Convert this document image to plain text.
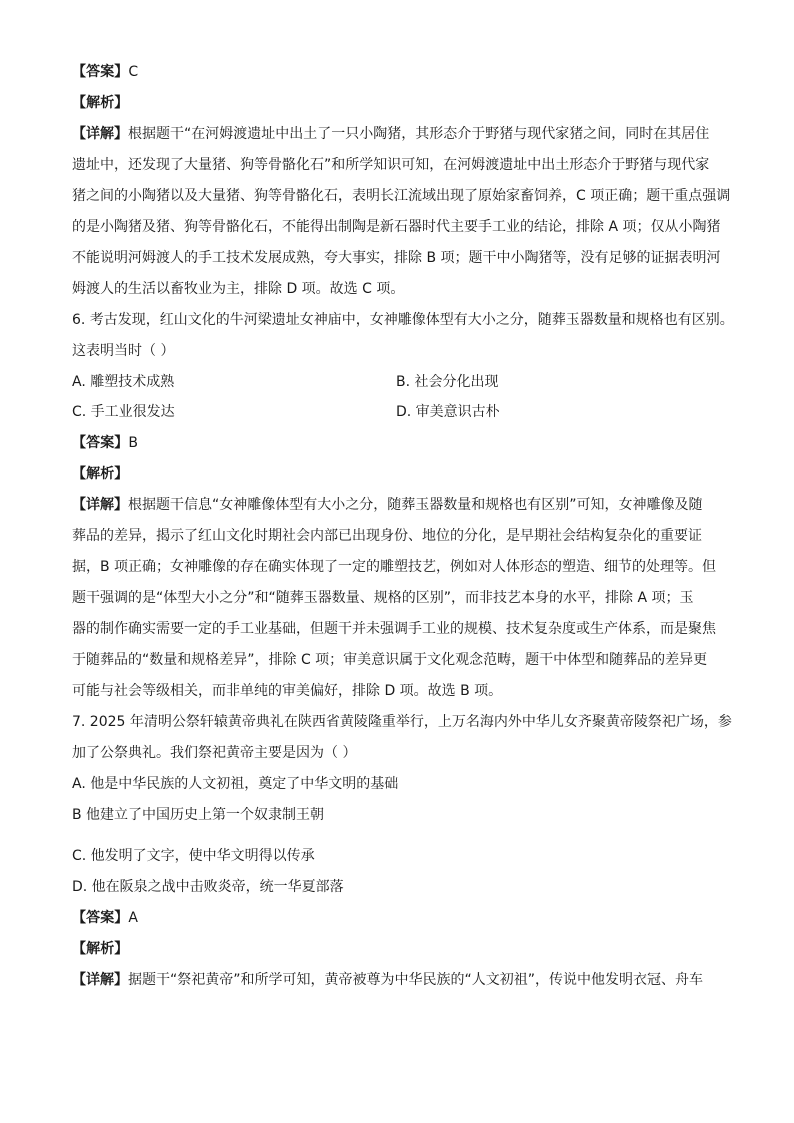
【答案】C
【解析】
【详解】根据题干“在河姆渡遗址中出土了一只小陶猪，其形态介于野猪与现代家猪之间，同时在其居住
遗址中，还发现了大量猪、狗等骨骼化石”和所学知识可知，在河姆渡遗址中出土形态介于野猪与现代家
猪之间的小陶猪以及大量猪、狗等骨骼化石，表明长江流域出现了原始家畜饲养，C 项正确；题干重点强调
的是小陶猪及猪、狗等骨骼化石，不能得出制陶是新石器时代主要手工业的结论，排除 A 项；仅从小陶猪
不能说明河姆渡人的手工技术发展成熟，夸大事实，排除 B 项；题干中小陶猪等，没有足够的证据表明河
姆渡人的生活以畜牧业为主，排除 D 项。故选 C 项。
6. 考古发现，红山文化的牛河梁遗址女神庙中，女神雕像体型有大小之分，随葬玉器数量和规格也有区别。
这表明当时（ ）
A. 雕塑技术成熟	B. 社会分化出现
C. 手工业很发达	D. 审美意识古朴
【答案】B
【解析】
【详解】根据题干信息“女神雕像体型有大小之分，随葬玉器数量和规格也有区别”可知，女神雕像及随
葬品的差异，揭示了红山文化时期社会内部已出现身份、地位的分化，是早期社会结构复杂化的重要证
据，B 项正确；女神雕像的存在确实体现了一定的雕塑技艺，例如对人体形态的塑造、细节的处理等。但
题干强调的是“体型大小之分”和“随葬玉器数量、规格的区别”，而非技艺本身的水平，排除 A 项；玉
器的制作确实需要一定的手工业基础，但题干并未强调手工业的规模、技术复杂度或生产体系，而是聚焦
于随葬品的“数量和规格差异”，排除 C 项；审美意识属于文化观念范畴，题干中体型和随葬品的差异更
可能与社会等级相关，而非单纯的审美偏好，排除 D 项。故选 B 项。
7. 2025 年清明公祭轩辕黄帝典礼在陕西省黄陵隆重举行，上万名海内外中华儿女齐聚黄帝陵祭祀广场，参
加了公祭典礼。我们祭祀黄帝主要是因为（ ）
A. 他是中华民族的人文初祖，奠定了中华文明的基础
B 他建立了中国历史上第一个奴隶制王朝
C. 他发明了文字，使中华文明得以传承
D. 他在阪泉之战中击败炎帝，统一华夏部落
【答案】A
【解析】
【详解】据题干“祭祀黄帝”和所学可知，黄帝被尊为中华民族的“人文初祖”，传说中他发明衣冠、舟车
